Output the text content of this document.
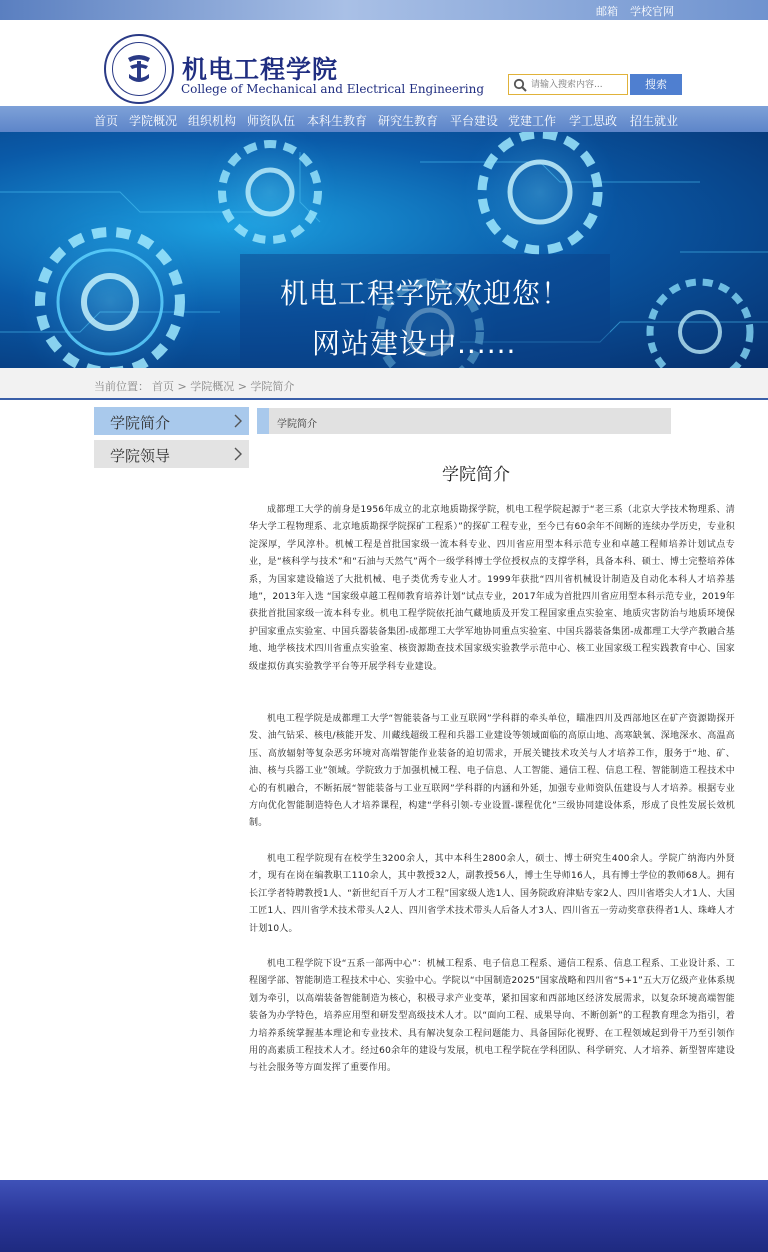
邮箱 学校官网
机电工程学院
College of Mechanical and Electrical Engineering
请输入搜索内容...	搜索
首页 学院概况 组织机构 师资队伍 本科生教育 研究生教育 平台建设 党建工作 学工思政 招生就业
机电工程学院欢迎您！
网站建设中......
当前位置： 首页 > 学院概况 > 学院简介
学院简介
学院领导
学院简介
学院简介
成都理工大学的前身是1956年成立的北京地质勘探学院，机电工程学院起源于“老三系（北京大学技术物理系、清华大学工程物理系、北京地质勘探学院探矿工程系）”的探矿工程专业，至今已有60余年不间断的连续办学历史，专业积淀深厚，学风淳朴。机械工程是首批国家级一流本科专业、四川省应用型本科示范专业和卓越工程师培养计划试点专业，是“核科学与技术”和“石油与天然气”两个一级学科博士学位授权点的支撑学科，具备本科、硕士、博士完整培养体系，为国家建设输送了大批机械、电子类优秀专业人才。1999年获批“四川省机械设计制造及自动化本科人才培养基地”，2013年入选 “国家级卓越工程师教育培养计划”试点专业，2017年成为首批四川省应用型本科示范专业，2019年获批首批国家级一流本科专业。机电工程学院依托油气藏地质及开发工程国家重点实验室、地质灾害防治与地质环境保护国家重点实验室、中国兵器装备集团-成都理工大学军地协同重点实验室、中国兵器装备集团-成都理工大学产教融合基地、地学核技术四川省重点实验室、核资源勘查技术国家级实验教学示范中心、核工业国家级工程实践教育中心、国家级虚拟仿真实验教学平台等开展学科专业建设。
机电工程学院是成都理工大学“智能装备与工业互联网”学科群的牵头单位，瞄准四川及西部地区在矿产资源勘探开发、油气钻采、核电/核能开发、川藏线超级工程和兵器工业建设等领域面临的高原山地、高寒缺氧、深地深水、高温高压、高放辐射等复杂恶劣环境对高端智能作业装备的迫切需求，开展关键技术攻关与人才培养工作，服务于“地、矿、油、核与兵器工业”领域。学院致力于加强机械工程、电子信息、人工智能、通信工程、信息工程、智能制造工程技术中心的有机融合，不断拓展“智能装备与工业互联网”学科群的内涵和外延，加强专业师资队伍建设与人才培养。根据专业方向优化智能制造特色人才培养课程，构建“学科引领-专业设置-课程优化”三级协同建设体系，形成了良性发展长效机制。
机电工程学院现有在校学生3200余人，其中本科生2800余人，硕士、博士研究生400余人。学院广纳海内外贤才，现有在岗在编教职工110余人，其中教授32人，副教授56人，博士生导师16人，具有博士学位的教师68人。拥有长江学者特聘教授1人、“新世纪百千万人才工程”国家级人选1人、国务院政府津贴专家2人、四川省塔尖人才1人、大国工匠1人、四川省学术技术带头人2人、四川省学术技术带头人后备人才3人、四川省五一劳动奖章获得者1人、珠峰人才计划10人。
机电工程学院下设“五系一部两中心”：机械工程系、电子信息工程系、通信工程系、信息工程系、工业设计系、工程图学部、智能制造工程技术中心、实验中心。学院以“中国制造2025”国家战略和四川省“5+1”五大万亿级产业体系规划为牵引，以高端装备智能制造为核心，积极寻求产业变革，紧扣国家和西部地区经济发展需求，以复杂环境高端智能装备为办学特色，培养应用型和研发型高级技术人才。以“面向工程、成果导向、不断创新”的工程教育理念为指引，着力培养系统掌握基本理论和专业技术、具有解决复杂工程问题能力、具备国际化视野、在工程领域起到骨干乃至引领作用的高素质工程技术人才。经过60余年的建设与发展，机电工程学院在学科团队、科学研究、人才培养、新型智库建设与社会服务等方面发挥了重要作用。
